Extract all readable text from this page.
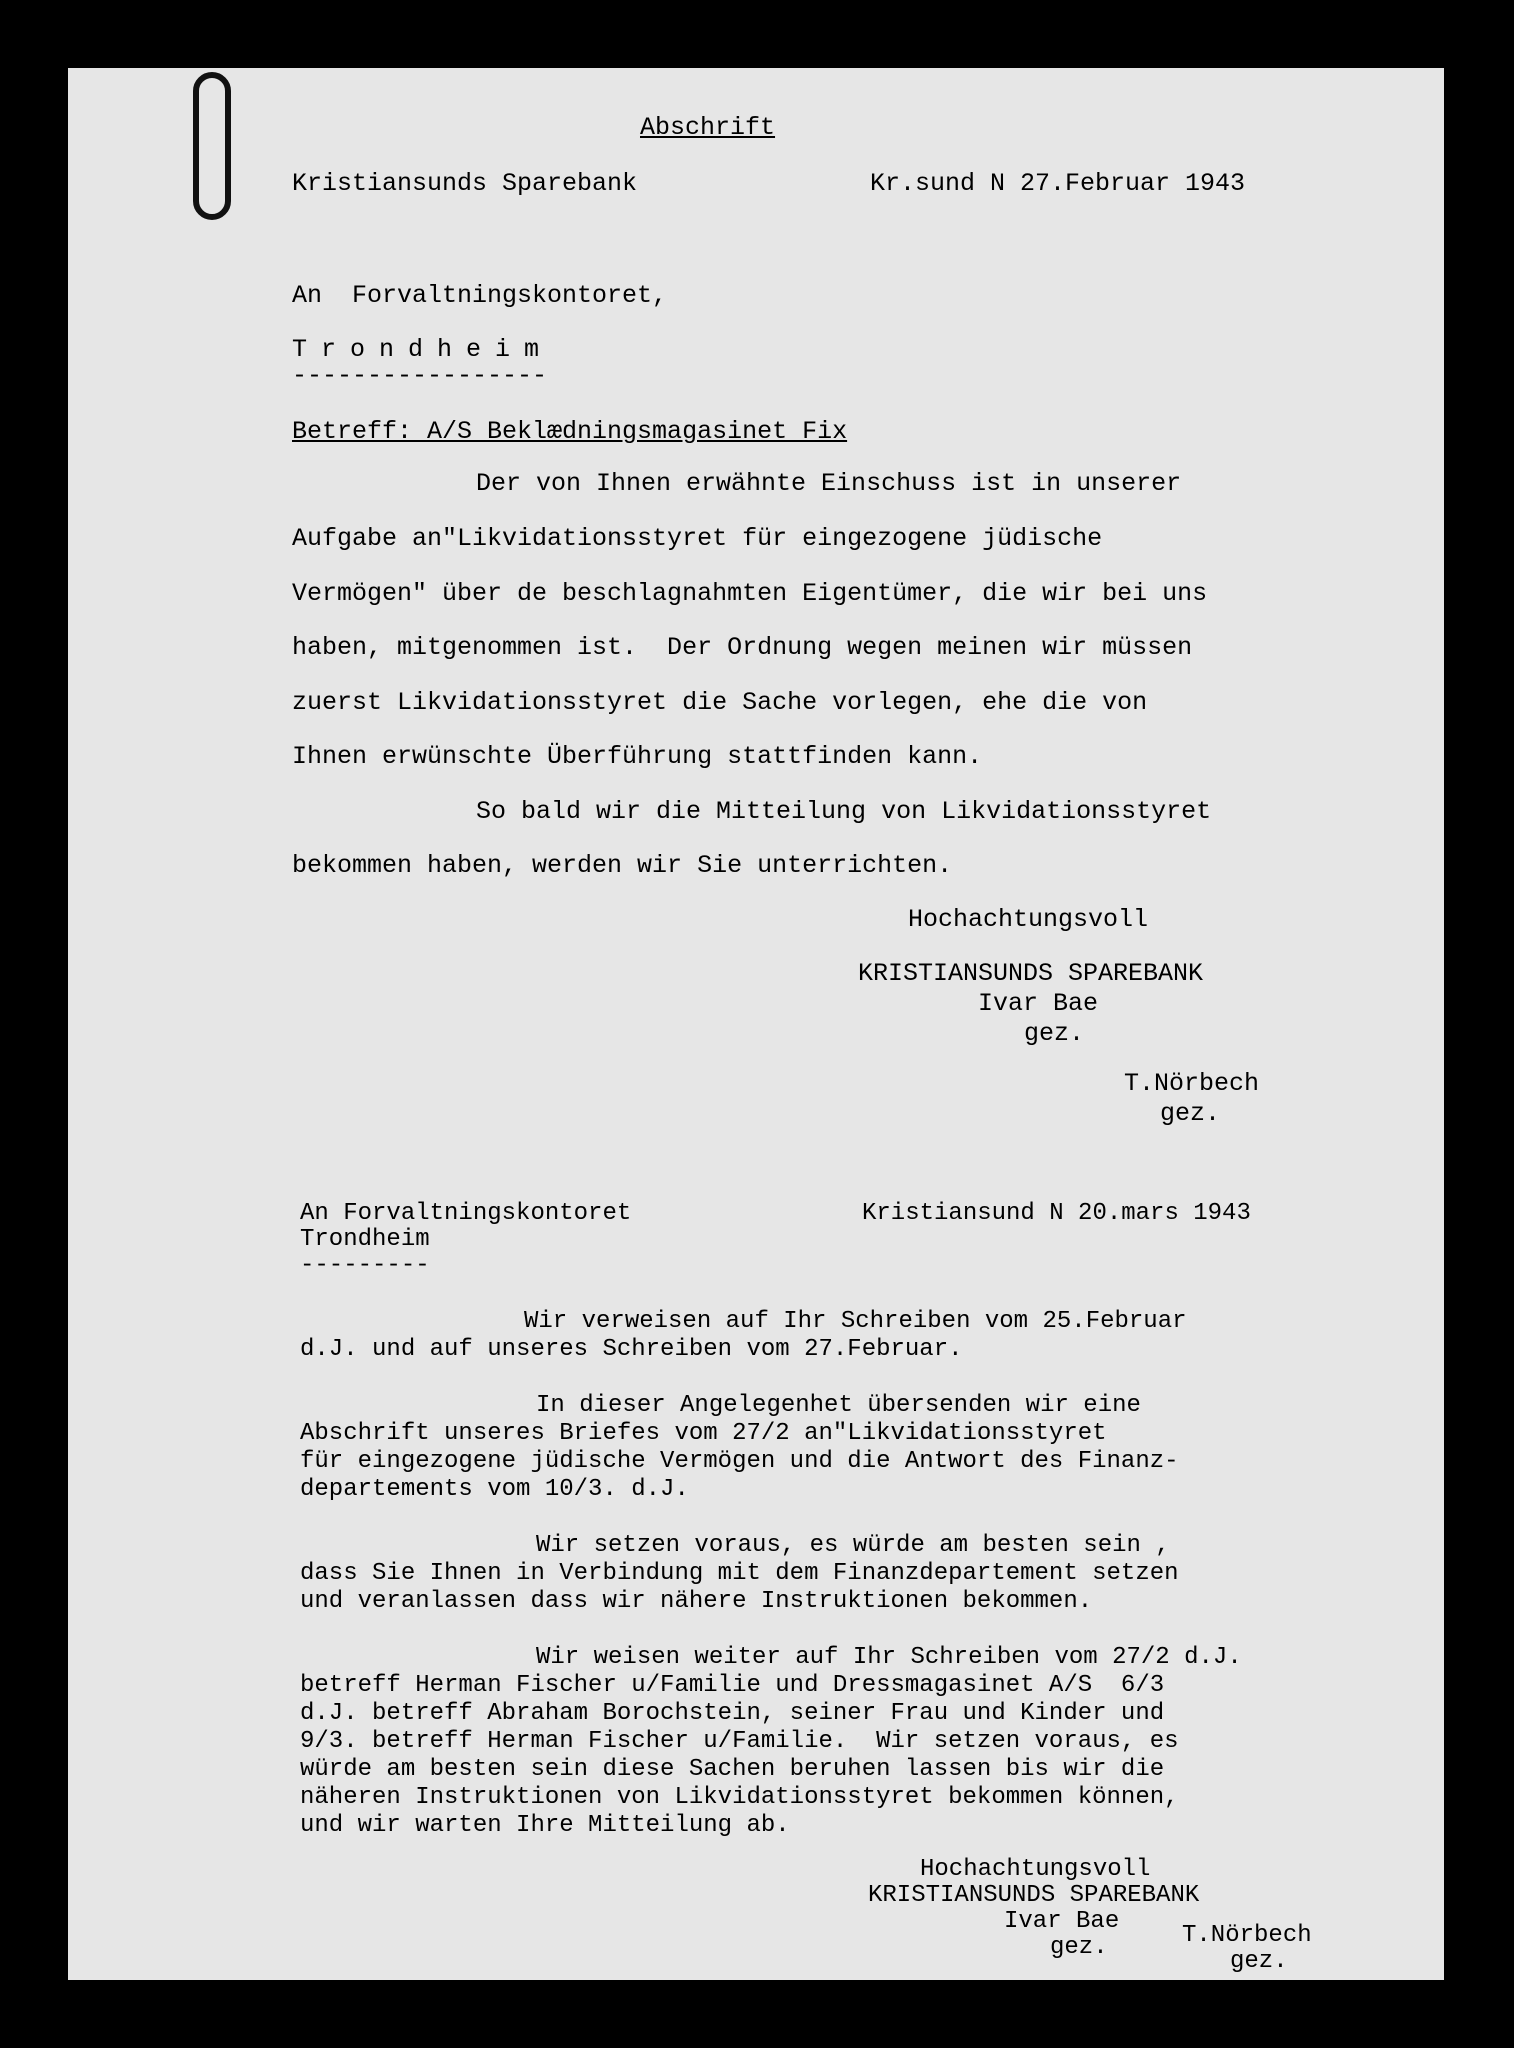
Abschrift
Kristiansunds Sparebank	Kr.sund N 27.Februar 1943
An  Forvaltningskontoret,
Trondheim
-----------------
Betreff: A/S Beklædningsmagasinet Fix
Der von Ihnen erwähnte Einschuss ist in unserer
Aufgabe an"Likvidationsstyret für eingezogene jüdische
Vermögen" über de beschlagnahmten Eigentümer, die wir bei uns
haben, mitgenommen ist.  Der Ordnung wegen meinen wir müssen
zuerst Likvidationsstyret die Sache vorlegen, ehe die von
Ihnen erwünschte Überführung stattfinden kann.
So bald wir die Mitteilung von Likvidationsstyret
bekommen haben, werden wir Sie unterrichten.
Hochachtungsvoll
KRISTIANSUNDS SPAREBANK
Ivar Bae
gez.
T.Nörbech
gez.
An Forvaltningskontoret
Trondheim
---------
Kristiansund N 20.mars 1943
Wir verweisen auf Ihr Schreiben vom 25.Februar
d.J. und auf unseres Schreiben vom 27.Februar.
In dieser Angelegenhet übersenden wir eine
Abschrift unseres Briefes vom 27/2 an"Likvidationsstyret
für eingezogene jüdische Vermögen und die Antwort des Finanz-
departements vom 10/3. d.J.
Wir setzen voraus, es würde am besten sein ,
dass Sie Ihnen in Verbindung mit dem Finanzdepartement setzen
und veranlassen dass wir nähere Instruktionen bekommen.
Wir weisen weiter auf Ihr Schreiben vom 27/2 d.J.
betreff Herman Fischer u/Familie und Dressmagasinet A/S  6/3
d.J. betreff Abraham Borochstein, seiner Frau und Kinder und
9/3. betreff Herman Fischer u/Familie.  Wir setzen voraus, es
würde am besten sein diese Sachen beruhen lassen bis wir die
näheren Instruktionen von Likvidationsstyret bekommen können,
und wir warten Ihre Mitteilung ab.
Hochachtungsvoll
KRISTIANSUNDS SPAREBANK
Ivar Bae
gez.	T.Nörbech
gez.
